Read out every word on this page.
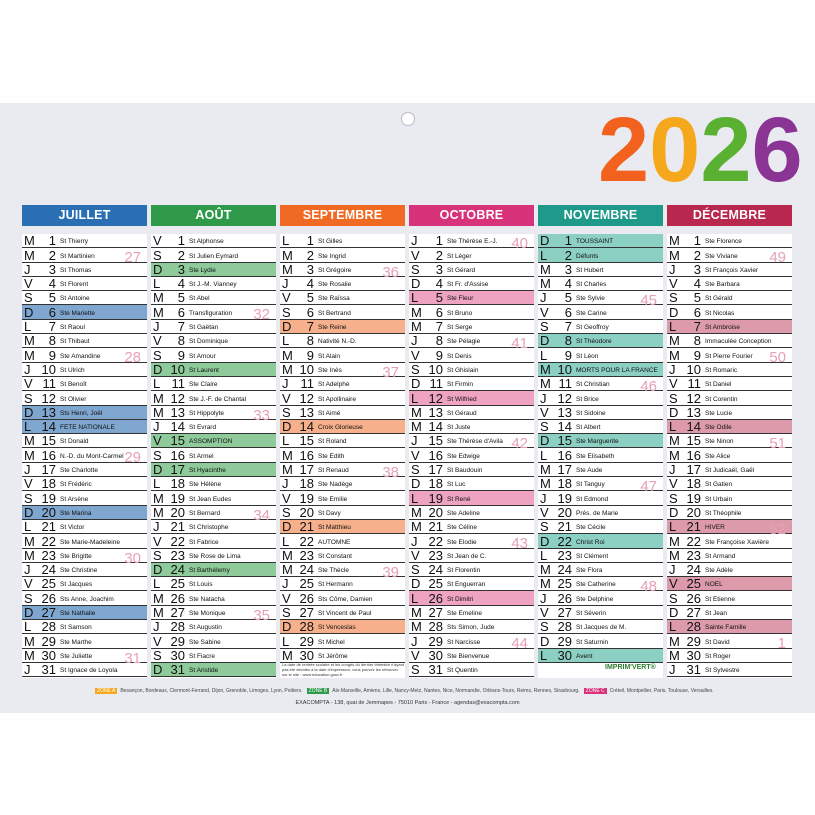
2 0 2 6
JUILLET
M	1 St Thierry
M	2 St Martinien	27
J	3 St Thomas
V	4 St Florent
S	5 St Antoine
D	6 Ste Mariette
L	7 St Raoul
M	8 St Thibaut
M	9 Ste Amandine	28
J 10 St Ulrich
V 11 St Benoît
S 12 St Olivier
D 13 Sts Henri, Joël
L 14 FÊTE NATIONALE
M 15 St Donald
M 16 N.-D. du Mont-Carmel 29
J 17 Ste Charlotte
V 18 St Frédéric
S 19 St Arsène
D 20 Ste Marina
L 21 St Victor
M 22 Ste Marie-Madeleine
M 23 Ste Brigitte	30
J 24 Ste Christine
V 25 St Jacques
S 26 Sts Anne, Joachim
D 27 Ste Nathalie
L 28 St Samson
M 29 Ste Marthe
M 30 Ste Juliette	31
J 31 St Ignace de Loyola
AOÛT
V	1 St Alphonse
S	2 St Julien Eymard
D	3 Ste Lydie
L	4 St J.-M. Vianney
M	5 St Abel
M	6 Transfiguration	32
J	7 St Gaëtan
V	8 St Dominique
S	9 St Amour
D 10 St Laurent
L 11 Ste Claire
M 12 Ste J.-F. de Chantal
M 13 St Hippolyte	33
J 14 St Evrard
V 15 ASSOMPTION
S 16 St Armel
D 17 St Hyacinthe
L 18 Ste Hélène
M 19 St Jean Eudes
M 20 St Bernard	34
J 21 St Christophe
V 22 St Fabrice
S 23 Ste Rose de Lima
D 24 St Barthélemy
L 25 St Louis
M 26 Ste Natacha
M 27 Ste Monique	35
J 28 St Augustin
V 29 Ste Sabine
S 30 St Fiacre
D 31 St Aristide
SEPTEMBRE
L	1 St Gilles
M	2 Ste Ingrid
M	3 St Grégoire	36
J	4 Ste Rosalie
V	5 Ste Raïssa
S	6 St Bertrand
D	7 Ste Reine
L	8 Nativité N.-D.
M	9 St Alain
M 10 Ste Inès	37
J 11 St Adelphe
V 12 St Apollinaire
S 13 St Aimé
D 14 Croix Glorieuse
L 15 St Roland
M 16 Ste Édith
M 17 St Renaud	38
J 18 Ste Nadège
V 19 Ste Émilie
S 20 St Davy
D 21 St Matthieu
L 22 AUTOMNE
M 23 St Constant
M 24 Ste Thècle	39
J 25 St Hermann
V 26 Sts Côme, Damien
S 27 St Vincent de Paul
D 28 St Venceslas
L 29 St Michel
M 30 St Jérôme
OCTOBRE
J	1 Ste Thérèse E.-J. 40
V	2 St Léger
S	3 St Gérard
D	4 St Fr. d'Assise
L	5 Ste Fleur
M	6 St Bruno
M	7 St Serge
J	8 Ste Pélagie	41
V	9 St Denis
S 10 St Ghislain
D 11 St Firmin
L 12 St Wilfried
M 13 St Géraud
M 14 St Juste
J 15 Ste Thérèse d'Avila 42
V 16 Ste Edwige
S 17 St Baudouin
D 18 St Luc
L 19 St René
M 20 Ste Adeline
M 21 Ste Céline
J 22 Ste Élodie	43
V 23 St Jean de C.
S 24 St Florentin
D 25 St Enguerran
L 26 St Dimitri
M 27 Ste Émeline
M 28 Sts Simon, Jude
J 29 St Narcisse	44
V 30 Ste Bienvenue
S 31 St Quentin
NOVEMBRE
D	1 TOUSSAINT
L	2 Défunts
M	3 St Hubert
M	4 St Charles
J	5 Ste Sylvie	45
V	6 Ste Carine
S	7 St Geoffroy
D	8 St Théodore
L	9 St Léon
M 10 MORTS POUR LA FRANCE
M 11 St Christian	46
J 12 St Brice
V 13 St Sidoine
S 14 St Albert
D 15 Ste Marguerite
L 16 Ste Élisabeth
M 17 Ste Aude
M 18 St Tanguy	47
J 19 St Edmond
V 20 Prés. de Marie
S 21 Ste Cécile
D 22 Christ Roi
L 23 St Clément
M 24 Ste Flora
M 25 Ste Catherine	48
J 26 Ste Delphine
V 27 St Séverin
S 28 St Jacques de M.
D 29 St Saturnin
L 30 Avent
DÉCEMBRE
M	1 Ste Florence
M	2 Ste Viviane	49
J	3 St François Xavier
V	4 Ste Barbara
S	5 St Gérald
D	6 St Nicolas
L	7 St Ambroise
M	8 Immaculée Conception
M	9 St Pierre Fourier	50
J 10 St Romaric
V 11 St Daniel
S 12 St Corentin
D 13 Ste Lucie
L 14 Ste Odile
M 15 Ste Ninon	51
M 16 Ste Alice
J 17 St Judicaël, Gaël
V 18 St Gatien
S 19 St Urbain
D 20 St Théophile
L 21 HIVER	52
M 22 Ste Françoise Xavière
M 23 St Armand
J 24 Ste Adèle
V 25 NOËL
S 26 St Étienne
D 27 St Jean
L 28 Sainte Famille
M 29 St David	1
M 30 St Roger
J 31 St Sylvestre
La date de rentrée scolaire et les congés du dernier trimestre n'ayant pas été décidés à la date d'impression, vous pouvez les retrouver sur le site : www.education.gouv.fr
IMPRIM'VERT®
ZONE A Besançon, Bordeaux, Clermont-Ferrand, Dijon, Grenoble, Limoges, Lyon, Poitiers. ZONE B Aix-Marseille, Amiens, Lille, Nancy-Metz, Nantes, Nice, Normandie, Orléans-Tours, Reims, Rennes, Strasbourg. ZONE C Créteil, Montpellier, Paris, Toulouse, Versailles.
EXACOMPTA - 138, quai de Jemmapes - 75010 Paris - France - agendas@exacompta.com
